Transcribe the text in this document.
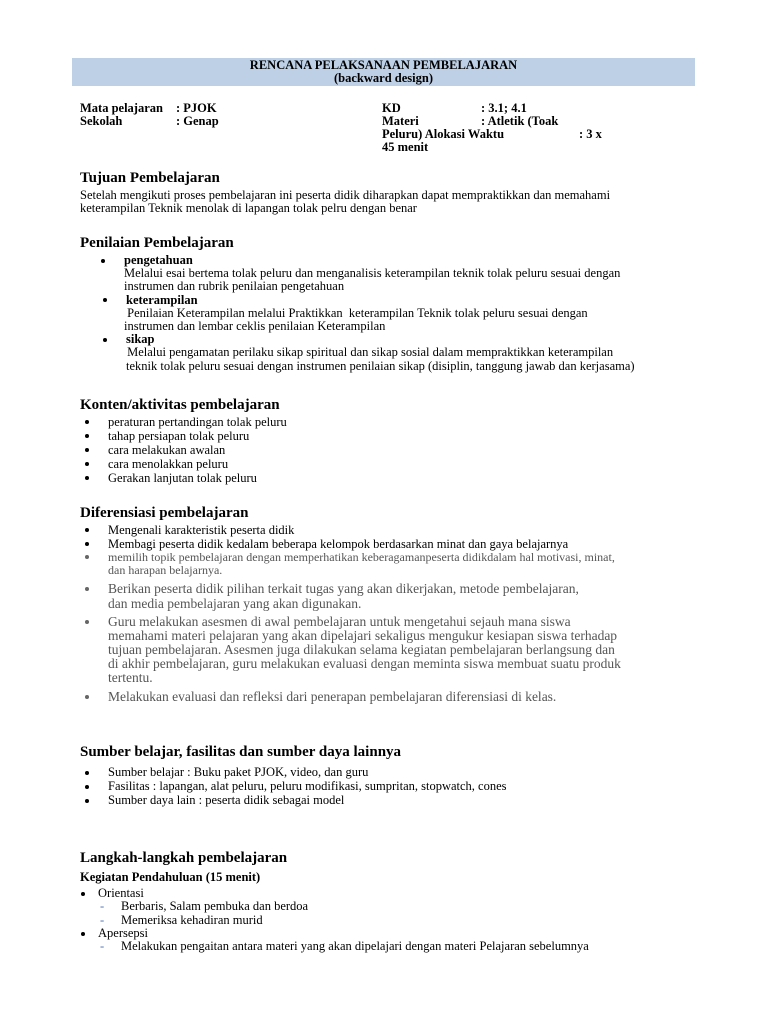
RENCANA PELAKSANAAN PEMBELAJARAN
(backward design)
Mata pelajaran	: PJOK
Sekolah	: Genap
KD	: 3.1; 4.1
Materi	: Atletik (Toak
Peluru) Alokasi Waktu	: 3 x
45 menit
Tujuan Pembelajaran
Setelah mengikuti proses pembelajaran ini peserta didik diharapkan dapat mempraktikkan dan memahami
keterampilan Teknik menolak di lapangan tolak pelru dengan benar
Penilaian Pembelajaran
pengetahuan
Melalui esai bertema tolak peluru dan menganalisis keterampilan teknik tolak peluru sesuai dengan
instrumen dan rubrik penilaian pengetahuan
keterampilan
Penilaian Keterampilan melalui Praktikkan  keterampilan Teknik tolak peluru sesuai dengan
instrumen dan lembar ceklis penilaian Keterampilan
sikap
Melalui pengamatan perilaku sikap spiritual dan sikap sosial dalam mempraktikkan keterampilan
teknik tolak peluru sesuai dengan instrumen penilaian sikap (disiplin, tanggung jawab dan kerjasama)
Konten/aktivitas pembelajaran
peraturan pertandingan tolak peluru
tahap persiapan tolak peluru
cara melakukan awalan
cara menolakkan peluru
Gerakan lanjutan tolak peluru
Diferensiasi pembelajaran
Mengenali karakteristik peserta didik
Membagi peserta didik kedalam beberapa kelompok berdasarkan minat dan gaya belajarnya
memilih topik pembelajaran dengan memperhatikan keberagamanpeserta didikdalam hal motivasi, minat,
dan harapan belajarnya.
Berikan peserta didik pilihan terkait tugas yang akan dikerjakan, metode pembelajaran,
dan media pembelajaran yang akan digunakan.
Guru melakukan asesmen di awal pembelajaran untuk mengetahui sejauh mana siswa
memahami materi pelajaran yang akan dipelajari sekaligus mengukur kesiapan siswa terhadap
tujuan pembelajaran. Asesmen juga dilakukan selama kegiatan pembelajaran berlangsung dan
di akhir pembelajaran, guru melakukan evaluasi dengan meminta siswa membuat suatu produk
tertentu.
Melakukan evaluasi dan refleksi dari penerapan pembelajaran diferensiasi di kelas.
Sumber belajar, fasilitas dan sumber daya lainnya
Sumber belajar : Buku paket PJOK, video, dan guru
Fasilitas : lapangan, alat peluru, peluru modifikasi, sumpritan, stopwatch, cones
Sumber daya lain : peserta didik sebagai model
Langkah-langkah pembelajaran
Kegiatan Pendahuluan (15 menit)
Orientasi
- Berbaris, Salam pembuka dan berdoa
- Memeriksa kehadiran murid
Apersepsi
- Melakukan pengaitan antara materi yang akan dipelajari dengan materi Pelajaran sebelumnya
